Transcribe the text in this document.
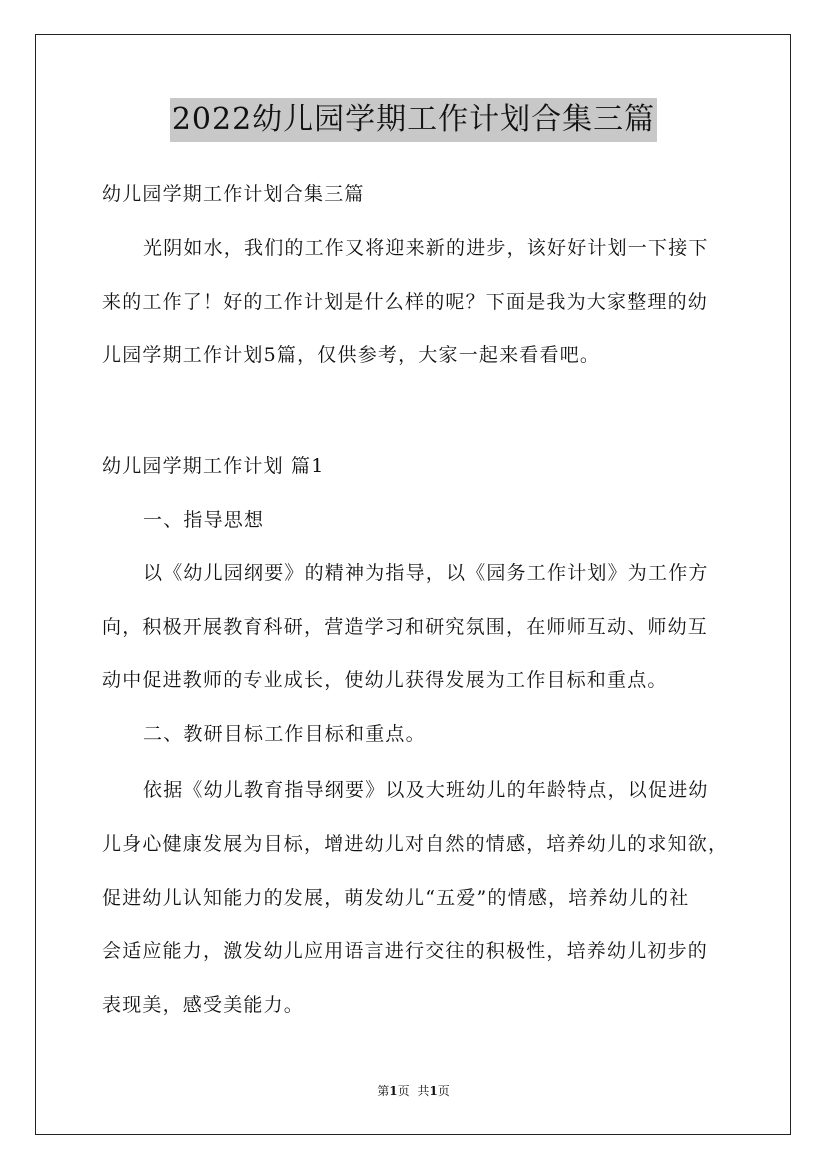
2022幼儿园学期工作计划合集三篇
幼儿园学期工作计划合集三篇
光阴如水，我们的工作又将迎来新的进步，该好好计划一下接下
来的工作了！好的工作计划是什么样的呢？下面是我为大家整理的幼
儿园学期工作计划5篇，仅供参考，大家一起来看看吧。
幼儿园学期工作计划 篇1
一、指导思想
以《幼儿园纲要》的精神为指导，以《园务工作计划》为工作方
向，积极开展教育科研，营造学习和研究氛围，在师师互动、师幼互
动中促进教师的专业成长，使幼儿获得发展为工作目标和重点。
二、教研目标工作目标和重点。
依据《幼儿教育指导纲要》以及大班幼儿的年龄特点，以促进幼
儿身心健康发展为目标，增进幼儿对自然的情感，培养幼儿的求知欲，
促进幼儿认知能力的发展，萌发幼儿“五爱”的情感，培养幼儿的社
会适应能力，激发幼儿应用语言进行交往的积极性，培养幼儿初步的
表现美，感受美能力。
第1页 共1页
